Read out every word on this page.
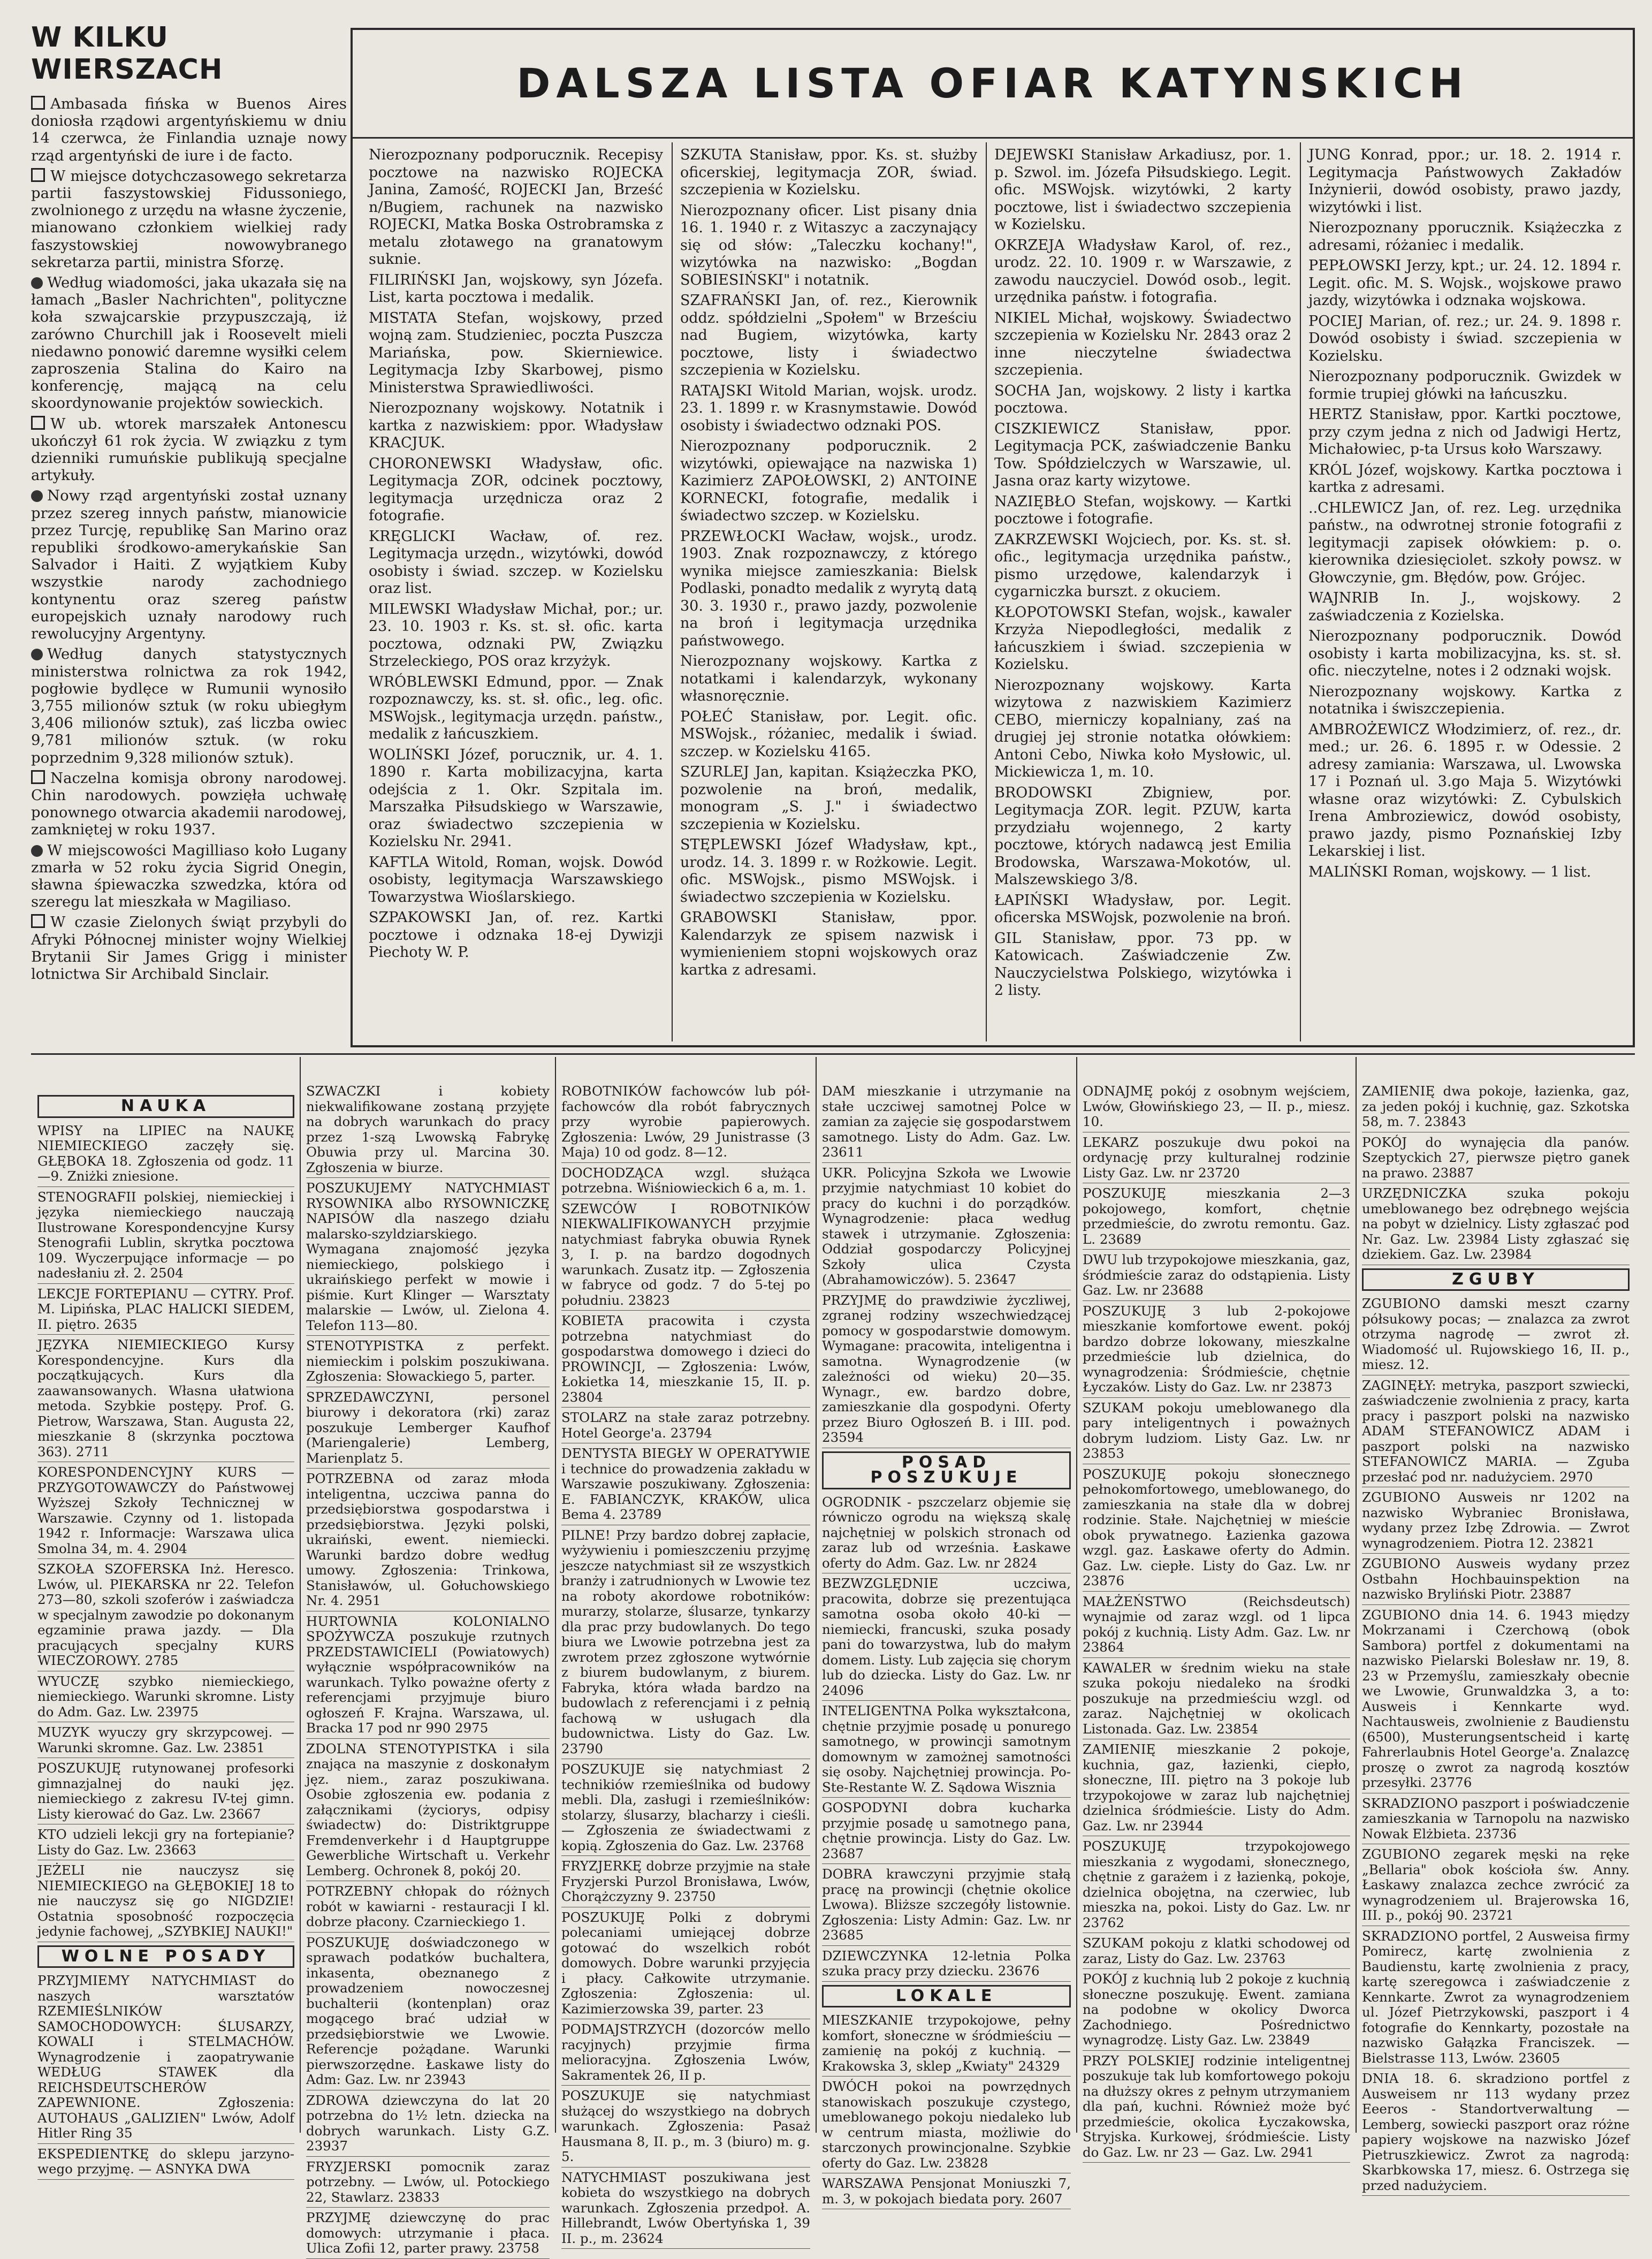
W KILKU WIERSZACH

Ambasada fińska w Buenos Aires doniosła rządowi argentyńskiemu w dniu 14 czerwca, że Finlandia uznaje nowy rząd argentyński de iure i de facto.

W miejsce dotychczasowego sekretarza partii faszystowskiej Fidussoniego, zwolnionego z urzędu na własne życzenie, mianowano członkiem wielkiej rady faszystowskiej nowowybranego sekretarza partii, ministra Sforzę.

Według wiadomości, jaka ukazała się na łamach „Basler Nachrichten", polityczne koła szwajcarskie przypuszczają, iż zarówno Churchill jak i Roosevelt mieli niedawno ponowić daremne wysiłki celem zaproszenia Stalina do Kairo na konferencję, mającą na celu skoordynowanie projektów sowieckich.

W ub. wtorek marszałek Antonescu ukończył 61 rok życia. W związku z tym dzienniki rumuńskie publikują specjalne artykuły.

Nowy rząd argentyński został uznany przez szereg innych państw, mianowicie przez Turcję, republikę San Marino oraz republiki środkowo-amerykańskie San Salvador i Haiti. Z wyjątkiem Kuby wszystkie narody zachodniego kontynentu oraz szereg państw europejskich uznały narodowy ruch rewolucyjny Argentyny.

Według danych statystycznych ministerstwa rolnictwa za rok 1942, pogłowie bydlęce w Rumunii wynosiło 3,755 milionów sztuk (w roku ubiegłym 3,406 milionów sztuk), zaś liczba owiec 9,781 milionów sztuk. (w roku poprzednim 9,328 milionów sztuk).

Naczelna komisja obrony narodowej. Chin narodowych. powzięła uchwałę ponownego otwarcia akademii narodowej, zamkniętej w roku 1937.

W miejscowości Magilliaso koło Lugany zmarła w 52 roku życia Sigrid Onegin, sławna śpiewaczka szwedzka, która od szeregu lat mieszkała w Magiliaso.

W czasie Zielonych świąt przybyli do Afryki Północnej minister wojny Wielkiej Brytanii Sir James Grigg i minister lotnictwa Sir Archibald Sinclair.

DALSZA LISTA OFIAR KATYNSKICH

Nierozpoznany podporucznik. Recepisy pocztowe na nazwisko ROJECKA Janina, Zamość, ROJECKI Jan, Brześć n/Bugiem, rachunek na nazwisko ROJECKI, Matka Boska Ostrobramska z metalu złotawego na granatowym suknie.

FILIRIŃSKI Jan, wojskowy, syn Józefa. List, karta pocztowa i medalik.

MISTATA Stefan, wojskowy, przed wojną zam. Studzieniec, poczta Puszcza Mariańska, pow. Skierniewice. Legitymacja Izby Skarbowej, pismo Ministerstwa Sprawiedliwości.

Nierozpoznany wojskowy. Notatnik i kartka z nazwiskiem: ppor. Władysław KRACJUK.

CHORONEWSKI Władysław, ofic. Legitymacja ZOR, odcinek pocztowy, legitymacja urzędnicza oraz 2 fotografie.

KRĘGLICKI Wacław, of. rez. Legitymacja urzędn., wizytówki, dowód osobisty i świad. szczep. w Kozielsku oraz list.

MILEWSKI Władysław Michał, por.; ur. 23. 10. 1903 r. Ks. st. sł. ofic. karta pocztowa, odznaki PW, Związku Strzeleckiego, POS oraz krzyżyk.

WRÓBLEWSKI Edmund, ppor. — Znak rozpoznawczy, ks. st. sł. ofic., leg. ofic. MSWojsk., legitymacja urzędn. państw., medalik z łańcuszkiem.

WOLIŃSKI Józef, porucznik, ur. 4. 1. 1890 r. Karta mobilizacyjna, karta odejścia z 1. Okr. Szpitala im. Marszałka Piłsudskiego w Warszawie, oraz świadectwo szczepienia w Kozielsku Nr. 2941.

KAFTLA Witold, Roman, wojsk. Dowód osobisty, legitymacja Warszawskiego Towarzystwa Wioślarskiego.

SZPAKOWSKI Jan, of. rez. Kartki pocztowe i odznaka 18-ej Dywizji Piechoty W. P.

SZKUTA Stanisław, ppor. Ks. st. służby oficerskiej, legitymacja ZOR, świad. szczepienia w Kozielsku.

Nierozpoznany oficer. List pisany dnia 16. 1. 1940 r. z Witaszyc a zaczynający się od słów: „Taleczku kochany!", wizytówka na nazwisko: „Bogdan SOBIESIŃSKI" i notatnik.

SZAFRAŃSKI Jan, of. rez., Kierownik oddz. spółdzielni „Społem" w Brześciu nad Bugiem, wizytówka, karty pocztowe, listy i świadectwo szczepienia w Kozielsku.

RATAJSKI Witold Marian, wojsk. urodz. 23. 1. 1899 r. w Krasnymstawie. Dowód osobisty i świadectwo odznaki POS.

Nierozpoznany podporucznik. 2 wizytówki, opiewające na nazwiska 1) Kazimierz ZAPOŁOWSKI, 2) ANTOINE KORNECKI, fotografie, medalik i świadectwo szczep. w Kozielsku.

PRZEWŁOCKI Wacław, wojsk., urodz. 1903. Znak rozpoznawczy, z którego wynika miejsce zamieszkania: Bielsk Podlaski, ponadto medalik z wyrytą datą 30. 3. 1930 r., prawo jazdy, pozwolenie na broń i legitymacja urzędnika państwowego.

Nierozpoznany wojskowy. Kartka z notatkami i kalendarzyk, wykonany własnoręcznie.

POŁEĆ Stanisław, por. Legit. ofic. MSWojsk., różaniec, medalik i świad. szczep. w Kozielsku 4165.

SZURLEJ Jan, kapitan. Książeczka PKO, pozwolenie na broń, medalik, monogram „S. J." i świadectwo szczepienia w Kozielsku.

STĘPLEWSKI Józef Władysław, kpt., urodz. 14. 3. 1899 r. w Rożkowie. Legit. ofic. MSWojsk., pismo MSWojsk. i świadectwo szczepienia w Kozielsku.

GRABOWSKI Stanisław, ppor. Kalendarzyk ze spisem nazwisk i wymienieniem stopni wojskowych oraz kartka z adresami.

DEJEWSKI Stanisław Arkadiusz, por. 1. p. Szwol. im. Józefa Piłsudskiego. Legit. ofic. MSWojsk. wizytówki, 2 karty pocztowe, list i świadectwo szczepienia w Kozielsku.

OKRZEJA Władysław Karol, of. rez., urodz. 22. 10. 1909 r. w Warszawie, z zawodu nauczyciel. Dowód osob., legit. urzędnika państw. i fotografia.

NIKIEL Michał, wojskowy. Świadectwo szczepienia w Kozielsku Nr. 2843 oraz 2 inne nieczytelne świadectwa szczepienia.

SOCHA Jan, wojskowy. 2 listy i kartka pocztowa.

CISZKIEWICZ Stanisław, ppor. Legitymacja PCK, zaświadczenie Banku Tow. Spółdzielczych w Warszawie, ul. Jasna oraz karty wizytowe.

NAZIĘBŁO Stefan, wojskowy. — Kartki pocztowe i fotografie.

ZAKRZEWSKI Wojciech, por. Ks. st. sł. ofic., legitymacja urzędnika państw., pismo urzędowe, kalendarzyk i cygarniczka burszt. z okuciem.

KŁOPOTOWSKI Stefan, wojsk., kawaler Krzyża Niepodległości, medalik z łańcuszkiem i świad. szczepienia w Kozielsku.

Nierozpoznany wojskowy. Karta wizytowa z nazwiskiem Kazimierz CEBO, mierniczy kopalniany, zaś na drugiej jej stronie notatka ołówkiem: Antoni Cebo, Niwka koło Mysłowic, ul. Mickiewicza 1, m. 10.

BRODOWSKI Zbigniew, por. Legitymacja ZOR. legit. PZUW, karta przydziału wojennego, 2 karty pocztowe, których nadawcą jest Emilia Brodowska, Warszawa-Mokotów, ul. Malszewskiego 3/8.

ŁAPIŃSKI Władysław, por. Legit. oficerska MSWojsk, pozwolenie na broń.

GIL Stanisław, ppor. 73 pp. w Katowicach. Zaświadczenie Zw. Nauczycielstwa Polskiego, wizytówka i 2 listy.

JUNG Konrad, ppor.; ur. 18. 2. 1914 r. Legitymacja Państwowych Zakładów Inżynierii, dowód osobisty, prawo jazdy, wizytówki i list.

Nierozpoznany pporucznik. Książeczka z adresami, różaniec i medalik.

PEPŁOWSKI Jerzy, kpt.; ur. 24. 12. 1894 r. Legit. ofic. M. S. Wojsk., wojskowe prawo jazdy, wizytówka i odznaka wojskowa.

POCIEJ Marian, of. rez.; ur. 24. 9. 1898 r. Dowód osobisty i świad. szczepienia w Kozielsku.

Nierozpoznany podporucznik. Gwizdek w formie trupiej główki na łańcuszku.

HERTZ Stanisław, ppor. Kartki pocztowe, przy czym jedna z nich od Jadwigi Hertz, Michałowiec, p-ta Ursus koło Warszawy.

KRÓL Józef, wojskowy. Kartka pocztowa i kartka z adresami.

..CHLEWICZ Jan, of. rez. Leg. urzędnika państw., na odwrotnej stronie fotografii z legitymacji zapisek ołówkiem: p. o. kierownika dziesięciolet. szkoły powsz. w Głowczynie, gm. Błędów, pow. Grójec.

WAJNRIB In. J., wojskowy. 2 zaświadczenia z Kozielska.

Nierozpoznany podporucznik. Dowód osobisty i karta mobilizacyjna, ks. st. sł. ofic. nieczytelne, notes i 2 odznaki wojsk.

Nierozpoznany wojskowy. Kartka z notatnika i świszczepienia.

AMBROŻEWICZ Włodzimierz, of. rez., dr. med.; ur. 26. 6. 1895 r. w Odessie. 2 adresy zamiania: Warszawa, ul. Lwowska 17 i Poznań ul. 3.go Maja 5. Wizytówki własne oraz wizytówki: Z. Cybulskich Irena Ambroziewicz, dowód osobisty, prawo jazdy, pismo Poznańskiej Izby Lekarskiej i list.

MALIŃSKI Roman, wojskowy. — 1 list.

NAUKA

WPISY na LIPIEC na NAUKĘ NIEMIECKIEGO zaczęły się. GŁĘBOKA 18. Zgłoszenia od godz. 11—9. Zniżki zniesione.

STENOGRAFII polskiej, niemieckiej i języka niemieckiego nauczają Ilustrowane Korespondencyjne Kursy Stenografii Lublin, skrytka pocztowa 109. Wyczerpujące informacje — po nadesłaniu zł. 2. 2504

LEKCJE FORTEPIANU — CYTRY. Prof. M. Lipińska, PLAC HALICKI SIEDEM, II. piętro. 2635

JĘZYKA NIEMIECKIEGO Kursy Korespondencyjne. Kurs dla początkujących. Kurs dla zaawansowanych. Własna ułatwiona metoda. Szybkie postępy. Prof. G. Pietrow, Warszawa, Stan. Augusta 22, mieszkanie 8 (skrzynka pocztowa 363). 2711

KORESPONDENCYJNY KURS — PRZYGOTOWAWCZY do Państwowej Wyższej Szkoły Technicznej w Warszawie. Czynny od 1. listopada 1942 r. Informacje: Warszawa ulica Smolna 34, m. 4. 2904

SZKOŁA SZOFERSKA Inż. Heresco. Lwów, ul. PIEKARSKA nr 22. Telefon 273—80, szkoli szoferów i zaświadcza w specjalnym zawodzie po dokonanym egzaminie prawa jazdy. — Dla pracujących specjalny KURS WIECZOROWY. 2785

WYUCZĘ szybko niemieckiego, niemieckiego. Warunki skromne. Listy do Adm. Gaz. Lw. 23975

MUZYK wyuczy gry skrzypcowej. — Warunki skromne. Gaz. Lw. 23851

POSZUKUJĘ rutynowanej profesorki gimnazjalnej do nauki jęz. niemieckiego z zakresu IV-tej gimn. Listy kierować do Gaz. Lw. 23667

KTO udzieli lekcji gry na fortepianie? Listy do Gaz. Lw. 23663

JEŻELI nie nauczysz się NIEMIECKIEGO na GŁĘBOKIEJ 18 to nie nauczysz się go NIGDZIE! Ostatnia sposobność rozpoczęcia jedynie fachowej, „SZYBKIEJ NAUKI!"

WOLNE POSADY

PRZYJMIEMY NATYCHMIAST do naszych warsztatów RZEMIEŚLNIKÓW SAMOCHODOWYCH: ŚLUSARZY, KOWALI i STELMACHÓW. Wynagrodzenie i zaopatrywanie WEDŁUG STAWEK dla REICHSDEUTSCHERÓW ZAPEWNIONE. Zgłoszenia: AUTOHAUS „GALIZIEN" Lwów, Adolf Hitler Ring 35

EKSPEDIENTKĘ do sklepu jarzyno-wego przyjmę. — ASNYKA DWA

SZWACZKI i kobiety niekwalifikowane zostaną przyjęte na dobrych warunkach do pracy przez 1-szą Lwowską Fabrykę Obuwia przy ul. Marcina 30. Zgłoszenia w biurze.

POSZUKUJEMY NATYCHMIAST RYSOWNIKA albo RYSOWNICZKĘ NAPISÓW dla naszego działu malarsko-szyldziarskiego. Wymagana znajomość języka niemieckiego, polskiego i ukraińskiego perfekt w mowie i piśmie. Kurt Klinger — Warsztaty malarskie — Lwów, ul. Zielona 4. Telefon 113—80.

STENOTYPISTKA z perfekt. niemieckim i polskim poszukiwana. Zgłoszenia: Słowackiego 5, parter.

SPRZEDAWCZYNI, personel biurowy i dekoratora (rki) zaraz poszukuje Lemberger Kaufhof (Mariengalerie) Lemberg, Marienplatz 5.

POTRZEBNA od zaraz młoda inteligentna, uczciwa panna do przedsiębiorstwa gospodarstwa i przedsiębiorstwa. Języki polski, ukraiński, ewent. niemiecki. Warunki bardzo dobre według umowy. Zgłoszenia: Trinkowa, Stanisławów, ul. Gołuchowskiego Nr. 4. 2951

HURTOWNIA KOLONIALNO SPOŻYWCZA poszukuje rzutnych PRZEDSTAWICIELI (Powiatowych) wyłącznie współpracowników na warunkach. Tylko poważne oferty z referencjami przyjmuje biuro ogłoszeń F. Krajna. Warszawa, ul. Bracka 17 pod nr 990 2975

ZDOLNA STENOTYPISTKA i sila znająca na maszynie z doskonałym jęz. niem., zaraz poszukiwana. Osobie zgłoszenia ew. podania z załącznikami (życiorys, odpisy świadectw) do: Distriktgruppe Fremdenverkehr i d Hauptgruppe Gewerbliche Wirtschaft u. Verkehr Lemberg. Ochronek 8, pokój 20.

POTRZEBNY chłopak do różnych robót w kawiarni - restauracji I kl. dobrze płacony. Czarnieckiego 1.

POSZUKUJĘ doświadczonego w sprawach podatków buchaltera, inkasenta, obeznanego z prowadzeniem nowoczesnej buchalterii (kontenplan) oraz mogącego brać udział w przedsiębiorstwie we Lwowie. Referencje pożądane. Warunki pierwszorzędne. Łaskawe listy do Adm: Gaz. Lw. nr 23943

ZDROWA dziewczyna do lat 20 potrzebna do 1½ letn. dziecka na dobrych warunkach. Listy G.Z. 23937

FRYZJERSKI pomocnik zaraz potrzebny. — Lwów, ul. Potockiego 22, Stawlarz. 23833

PRZYJMĘ dziewczynę do prac domowych: utrzymanie i płaca. Ulica Zofii 12, parter prawy. 23758

ROBOTNIKÓW fachowców lub pół-fachowców dla robót fabrycznych przy wyrobie papierowych. Zgłoszenia: Lwów, 29 Junistrasse (3 Maja) 10 od godz. 8—12.

DOCHODZĄCA wzgl. służąca potrzebna. Wiśniowieckich 6 a, m. 1.

SZEWCÓW I ROBOTNIKÓW NIEKWALIFIKOWANYCH przyjmie natychmiast fabryka obuwia Rynek 3, I. p. na bardzo dogodnych warunkach. Zusatz itp. — Zgłoszenia w fabryce od godz. 7 do 5-tej po południu. 23823

KOBIETA pracowita i czysta potrzebna natychmiast do gospodarstwa domowego i dzieci do PROWINCJI, — Zgłoszenia: Lwów, Łokietka 14, mieszkanie 15, II. p. 23804

STOLARZ na stałe zaraz potrzebny. Hotel George'a. 23794

DENTYSTA BIEGŁY W OPERATYWIE i technice do prowadzenia zakładu w Warszawie poszukiwany. Zgłoszenia: E. FABIANCZYK, KRAKÓW, ulica Bema 4. 23789

PILNE! Przy bardzo dobrej zapłacie, wyżywieniu i pomieszczeniu przyjmę jeszcze natychmiast sił ze wszystkich branży i zatrudnionych w Lwowie tez na roboty akordowe robotników: murarzy, stolarze, ślusarze, tynkarzy dla prac przy budowlanych. Do tego biura we Lwowie potrzebna jest za zwrotem przez zgłoszone wytwórnie z biurem budowlanym, z biurem. Fabryka, która włada bardzo na budowlach z referencjami i z pełnią fachową w usługach dla budownictwa. Listy do Gaz. Lw. 23790

POSZUKUJE się natychmiast 2 technikiów rzemieślnika od budowy mebli. Dla, zasługi i rzemieślników: stolarzy, ślusarzy, blacharzy i cieśli. — Zgłoszenia ze świadectwami z kopią. Zgłoszenia do Gaz. Lw. 23768

FRYZJERKĘ dobrze przyjmie na stałe Fryzjerski Purzol Bronisława, Lwów, Chorążczyzny 9. 23750

POSZUKUJĘ Polki z dobrymi polecaniami umiejącej dobrze gotować do wszelkich robót domowych. Dobre warunki przyjęcia i płacy. Całkowite utrzymanie. Zgłoszenia: Zgłoszenia: ul. Kazimierzowska 39, parter. 23

PODMAJSTRZYCH (dozorców mello racyjnych) przyjmie firma melioracyjna. Zgłoszenia Lwów, Sakramentek 26, II p.

POSZUKUJE się natychmiast służącej do wszystkiego na dobrych warunkach. Zgłoszenia: Pasaż Hausmana 8, II. p., m. 3 (biuro) m. g. 5.

NATYCHMIAST poszukiwana jest kobieta do wszystkiego na dobrych warunkach. Zgłoszenia przedpoł. A. Hillebrandt, Lwów Obertyńska 1, 39 II. p., m. 23624

DAM mieszkanie i utrzymanie na stałe uczciwej samotnej Polce w zamian za zajęcie się gospodarstwem samotnego. Listy do Adm. Gaz. Lw. 23611

UKR. Policyjna Szkoła we Lwowie przyjmie natychmiast 10 kobiet do pracy do kuchni i do porządków. Wynagrodzenie: płaca według stawek i utrzymanie. Zgłoszenia: Oddział gospodarczy Policyjnej Szkoły ulica Czysta (Abrahamowiczów). 5. 23647

PRZYJMĘ do prawdziwie życzliwej, zgranej rodziny wszechwiedzącej pomocy w gospodarstwie domowym. Wymagane: pracowita, inteligentna i samotna. Wynagrodzenie (w zależności od wieku) 20—35. Wynagr., ew. bardzo dobre, zamieszkanie dla gospodyni. Oferty przez Biuro Ogłoszeń B. i III. pod. 23594

POSAD POSZUKUJE

OGRODNIK - pszczelarz objemie się równiczo ogrodu na większą skalę najchętniej w polskich stronach od zaraz lub od września. Łaskawe oferty do Adm. Gaz. Lw. nr 2824

BEZWZGLĘDNIE uczciwa, pracowita, dobrze się prezentująca samotna osoba około 40-ki — niemiecki, francuski, szuka posady pani do towarzystwa, lub do małym domem. Listy. Lub zajęcia się chorym lub do dziecka. Listy do Gaz. Lw. nr 24096

INTELIGENTNA Polka wykształcona, chętnie przyjmie posadę u ponurego samotnego, w prowincji samotnym domownym w zamożnej samotności się osoby. Najchętniej prowincja. Po-Ste-Restante W. Z. Sądowa Wisznia

GOSPODYNI dobra kucharka przyjmie posadę u samotnego pana, chętnie prowincja. Listy do Gaz. Lw. 23687

DOBRA krawczyni przyjmie stałą pracę na prowincji (chętnie okolice Lwowa). Bliższe szczegóły listownie. Zgłoszenia: Listy Admin: Gaz. Lw. nr 23685

DZIEWCZYNKA 12-letnia Polka szuka pracy przy dziecku. 23676

LOKALE

MIESZKANIE trzypokojowe, pełny komfort, słoneczne w śródmieściu — zamienię na pokój z kuchnią. — Krakowska 3, sklep „Kwiaty" 24329

DWÓCH pokoi na powrzędnych stanowiskach poszukuje czystego, umeblowanego pokoju niedaleko lub w centrum miasta, możliwie do starczonych prowincjonalne. Szybkie oferty do Gaz. Lw. 23828

WARSZAWA Pensjonat Moniuszki 7, m. 3, w pokojach biedata pory. 2607

ODNAJMĘ pokój z osobnym wejściem, Lwów, Głowińskiego 23, — II. p., miesz. 10.

LEKARZ poszukuje dwu pokoi na ordynację przy kulturalnej rodzinie Listy Gaz. Lw. nr 23720

POSZUKUJĘ mieszkania 2—3 pokojowego, komfort, chętnie przedmieście, do zwrotu remontu. Gaz. L. 23689

DWU lub trzypokojowe mieszkania, gaz, śródmieście zaraz do odstąpienia. Listy Gaz. Lw. nr 23688

POSZUKUJĘ 3 lub 2-pokojowe mieszkanie komfortowe ewent. pokój bardzo dobrze lokowany, mieszkalne przedmieście lub dzielnica, do wynagrodzenia: Śródmieście, chętnie Łyczaków. Listy do Gaz. Lw. nr 23873

SZUKAM pokoju umeblowanego dla pary inteligentnych i poważnych dobrym ludziom. Listy Gaz. Lw. nr 23853

POSZUKUJĘ pokoju słonecznego pełnokomfortowego, umeblowanego, do zamieszkania na stałe dla w dobrej rodzinie. Stałe. Najchętniej w mieście obok prywatnego. Łazienka gazowa wzgl. gaz. Łaskawe oferty do Admin. Gaz. Lw. ciepłe. Listy do Gaz. Lw. nr 23876

MAŁŻEŃSTWO (Reichsdeutsch) wynajmie od zaraz wzgl. od 1 lipca pokój z kuchnią. Listy Adm. Gaz. Lw. nr 23864

KAWALER w średnim wieku na stałe szuka pokoju niedaleko na środki poszukuje na przedmieściu wzgl. od zaraz. Najchętniej w okolicach Listonada. Gaz. Lw. 23854

ZAMIENIĘ mieszkanie 2 pokoje, kuchnia, gaz, łazienki, ciepło, słoneczne, III. piętro na 3 pokoje lub trzypokojowe w zaraz lub najchętniej dzielnica śródmieście. Listy do Adm. Gaz. Lw. nr 23944

POSZUKUJĘ trzypokojowego mieszkania z wygodami, słonecznego, chętnie z garażem i z łazienką, pokoje, dzielnica obojętna, na czerwiec, lub mieszka na, pokoi. Listy do Gaz. Lw. nr 23762

SZUKAM pokoju z klatki schodowej od zaraz, Listy do Gaz. Lw. 23763

POKÓJ z kuchnią lub 2 pokoje z kuchnią słoneczne poszukuję. Ewent. zamiana na podobne w okolicy Dworca Zachodniego. Pośrednictwo wynagrodzę. Listy Gaz. Lw. 23849

PRZY POLSKIEJ rodzinie inteligentnej poszukuje tak lub komfortowego pokoju na dłuższy okres z pełnym utrzymaniem dla pań, kuchni. Również może być przedmieście, okolica Łyczakowska, Stryjska. Kurkowej, śródmieście. Listy do Gaz. Lw. nr 23 — Gaz. Lw. 2941

ZAMIENIĘ dwa pokoje, łazienka, gaz, za jeden pokój i kuchnię, gaz. Szkotska 58, m. 7. 23843

POKÓJ do wynajęcia dla panów. Szeptyckich 27, pierwsze piętro ganek na prawo. 23887

URZĘDNICZKA szuka pokoju umeblowanego bez odrębnego wejścia na pobyt w dzielnicy. Listy zgłaszać pod Nr. Gaz. Lw. 23984 Listy zgłaszać się dziekiem. Gaz. Lw. 23984

ZGUBY

ZGUBIONO damski meszt czarny półsukowy pocas; — znalazca za zwrot otrzyma nagrodę — zwrot zł. Wiadomość ul. Rujowskiego 16, II. p., miesz. 12.

ZAGINĘŁY: metryka, paszport szwiecki, zaświadczenie zwolnienia z pracy, karta pracy i paszport polski na nazwisko ADAM STEFANOWICZ ADAM i paszport polski na nazwisko STEFANOWICZ MARIA. — Zguba przesłać pod nr. nadużyciem. 2970

ZGUBIONO Ausweis nr 1202 na nazwisko Wybraniec Bronisława, wydany przez Izbę Zdrowia. — Zwrot wynagrodzeniem. Piotra 12. 23821

ZGUBIONO Ausweis wydany przez Ostbahn Hochbauinspektion na nazwisko Bryliński Piotr. 23887

ZGUBIONO dnia 14. 6. 1943 między Mokrzanami i Czerchową (obok Sambora) portfel z dokumentami na nazwisko Pielarski Bolesław nr. 19, 8. 23 w Przemyślu, zamieszkały obecnie we Lwowie, Grunwaldzka 3, a to: Ausweis i Kennkarte wyd. Nachtausweis, zwolnienie z Baudienstu (6500), Musterungsentscheid i kartę Fahrerlaubnis Hotel George'a. Znalazcę proszę o zwrot za nagrodą kosztów przesyłki. 23776

SKRADZIONO paszport i poświadczenie zamieszkania w Tarnopolu na nazwisko Nowak Elżbieta. 23736

ZGUBIONO zegarek męski na ręke „Bellaria" obok kościoła św. Anny. Łaskawy znalazca zechce zwrócić za wynagrodzeniem ul. Brajerowska 16, III. p., pokój 90. 23721

SKRADZIONO portfel, 2 Ausweisa firmy Pomirecz, kartę zwolnienia z Baudienstu, kartę zwolnienia z pracy, kartę szeregowca i zaświadczenie z Kennkarte. Zwrot za wynagrodzeniem ul. Józef Pietrzykowski, paszport i 4 fotografie do Kennkarty, pozostałe na nazwisko Gałązka Franciszek. — Bielstrasse 113, Lwów. 23605

DNIA 18. 6. skradziono portfel z Ausweisem nr 113 wydany przez Eeeros - Standortverwaltung — Lemberg, sowiecki paszport oraz różne papiery wojskowe na nazwisko Józef Pietruszkiewicz. Zwrot za nagrodą: Skarbkowska 17, miesz. 6. Ostrzega się przed nadużyciem.
